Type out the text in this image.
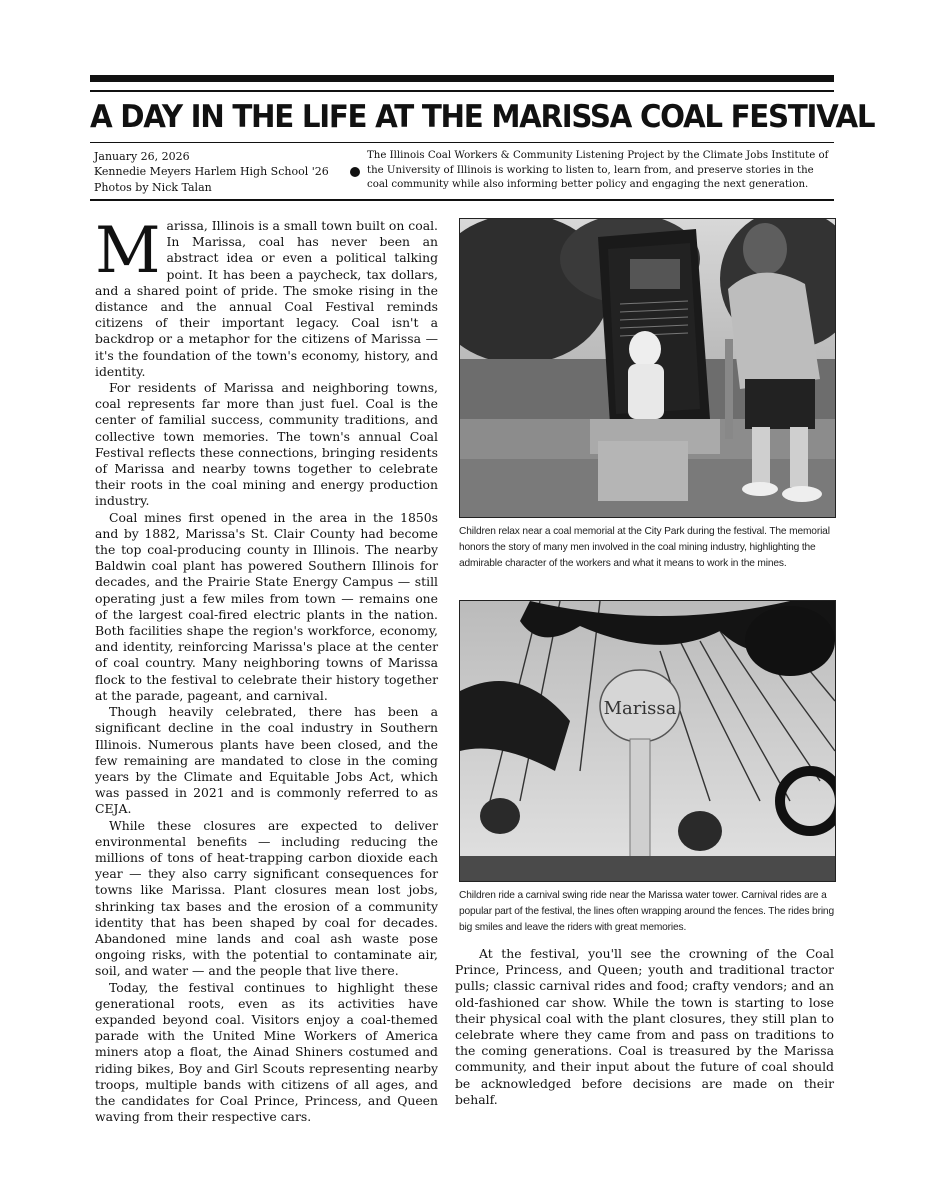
A DAY IN THE LIFE AT THE MARISSA COAL FESTIVAL
January 26, 2026
Kennedie Meyers Harlem High School '26
Photos by Nick Talan

The Illinois Coal Workers & Community Listening Project by the Climate Jobs Institute of the University of Illinois is working to listen to, learn from, and preserve stories in the coal community while also informing better policy and engaging the next generation.

Marissa, Illinois is a small town built on coal. In Marissa, coal has never been an abstract idea or even a political talking point. It has been a paycheck, tax dollars, and a shared point of pride. The smoke rising in the distance and the annual Coal Festival reminds citizens of their important legacy. Coal isn't a backdrop or a metaphor for the citizens of Marissa — it's the foundation of the town's economy, history, and identity.

For residents of Marissa and neighboring towns, coal represents far more than just fuel. Coal is the center of familial success, community traditions, and collective town memories. The town's annual Coal Festival reflects these connections, bringing residents of Marissa and nearby towns together to celebrate their roots in the coal mining and energy production industry.

Coal mines first opened in the area in the 1850s and by 1882, Marissa's St. Clair County had become the top coal-producing county in Illinois. The nearby Baldwin coal plant has powered Southern Illinois for decades, and the Prairie State Energy Campus — still operating just a few miles from town — remains one of the largest coal-fired electric plants in the nation. Both facilities shape the region's workforce, economy, and identity, reinforcing Marissa's place at the center of coal country. Many neighboring towns of Marissa flock to the festival to celebrate their history together at the parade, pageant, and carnival.

Though heavily celebrated, there has been a significant decline in the coal industry in Southern Illinois. Numerous plants have been closed, and the few remaining are mandated to close in the coming years by the Climate and Equitable Jobs Act, which was passed in 2021 and is commonly referred to as CEJA.

While these closures are expected to deliver environmental benefits — including reducing the millions of tons of heat-trapping carbon dioxide each year — they also carry significant consequences for towns like Marissa. Plant closures mean lost jobs, shrinking tax bases and the erosion of a community identity that has been shaped by coal for decades. Abandoned mine lands and coal ash waste pose ongoing risks, with the potential to contaminate air, soil, and water — and the people that live there.

Today, the festival continues to highlight these generational roots, even as its activities have expanded beyond coal. Visitors enjoy a coal-themed parade with the United Mine Workers of America miners atop a float, the Ainad Shiners costumed and riding bikes, Boy and Girl Scouts representing nearby troops, multiple bands with citizens of all ages, and the candidates for Coal Prince, Princess, and Queen waving from their respective cars.

Children relax near a coal memorial at the City Park during the festival. The memorial honors the story of many men involved in the coal mining industry, highlighting the admirable character of the workers and what it means to work in the mines.
Marissa
Children ride a carnival swing ride near the Marissa water tower. Carnival rides are a popular part of the festival, the lines often wrapping around the fences. The rides bring big smiles and leave the riders with great memories.

At the festival, you'll see the crowning of the Coal Prince, Princess, and Queen; youth and traditional tractor pulls; classic carnival rides and food; crafty vendors; and an old-fashioned car show. While the town is starting to lose their physical coal with the plant closures, they still plan to celebrate where they came from and pass on traditions to the coming generations. Coal is treasured by the Marissa community, and their input about the future of coal should be acknowledged before decisions are made on their behalf.
